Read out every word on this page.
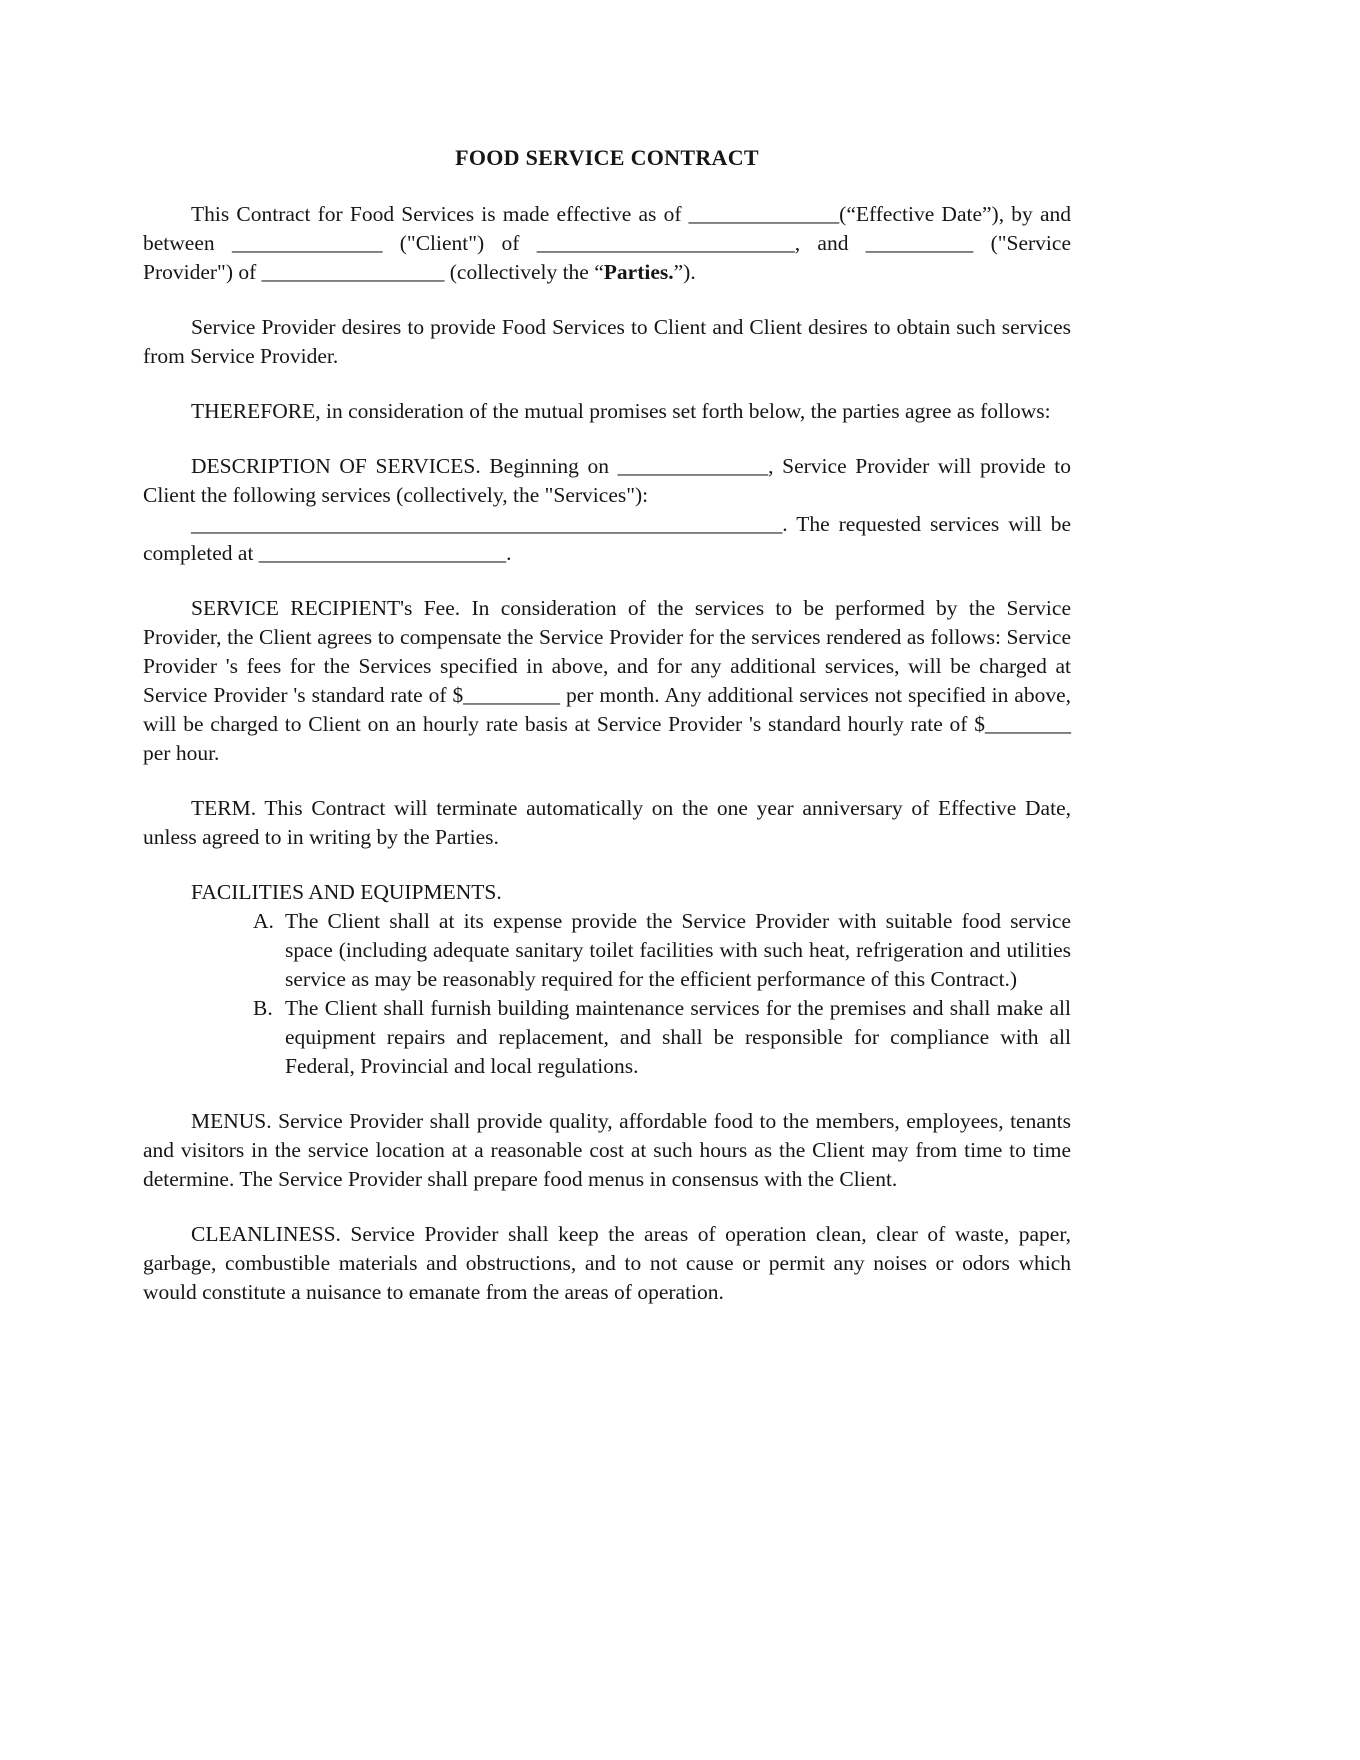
FOOD SERVICE CONTRACT

This Contract for Food Services is made effective as of ______________(“Effective Date”), by and between ______________ ("Client") of ________________________, and __________ ("Service Provider") of _________________ (collectively the “Parties.”).

Service Provider desires to provide Food Services to Client and Client desires to obtain such services from Service Provider.

THEREFORE, in consideration of the mutual promises set forth below, the parties agree as follows:

DESCRIPTION OF SERVICES. Beginning on ______________, Service Provider will provide to Client the following services (collectively, the "Services"):

_______________________________________________________. The requested services will be completed at _______________________.

SERVICE RECIPIENT's Fee. In consideration of the services to be performed by the Service Provider, the Client agrees to compensate the Service Provider for the services rendered as follows: Service Provider 's fees for the Services specified in above, and for any additional services, will be charged at Service Provider 's standard rate of $_________ per month. Any additional services not specified in above, will be charged to Client on an hourly rate basis at Service Provider 's standard hourly rate of $________ per hour.

TERM. This Contract will terminate automatically on the one year anniversary of Effective Date, unless agreed to in writing by the Parties.

FACILITIES AND EQUIPMENTS.

A. The Client shall at its expense provide the Service Provider with suitable food service space (including adequate sanitary toilet facilities with such heat, refrigeration and utilities service as may be reasonably required for the efficient performance of this Contract.)

B. The Client shall furnish building maintenance services for the premises and shall make all equipment repairs and replacement, and shall be responsible for compliance with all Federal, Provincial and local regulations.

MENUS. Service Provider shall provide quality, affordable food to the members, employees, tenants and visitors in the service location at a reasonable cost at such hours as the Client may from time to time determine. The Service Provider shall prepare food menus in consensus with the Client.

CLEANLINESS. Service Provider shall keep the areas of operation clean, clear of waste, paper, garbage, combustible materials and obstructions, and to not cause or permit any noises or odors which would constitute a nuisance to emanate from the areas of operation.
